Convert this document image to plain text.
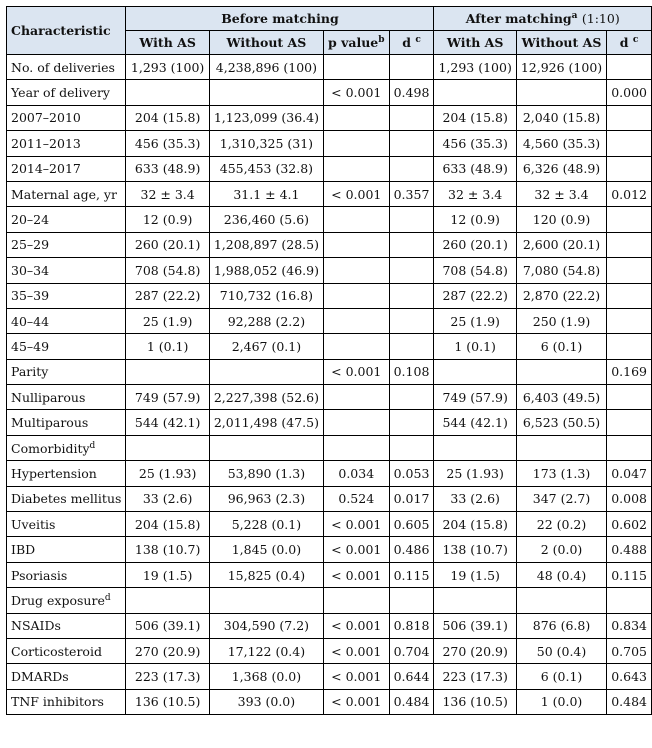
Characteristic	Before matching				After matching$^a$ (1:10)		
	With AS	Without AS	p value$^b$	d $^c$	With AS	Without AS	d $^c$
No. of deliveries	1,293 (100)	4,238,896 (100)			1,293 (100)	12,926 (100)	
Year of delivery			< 0.001	0.498			0.000
2007–2010	204 (15.8)	1,123,099 (36.4)			204 (15.8)	2,040 (15.8)	
2011–2013	456 (35.3)	1,310,325 (31)			456 (35.3)	4,560 (35.3)	
2014–2017	633 (48.9)	455,453 (32.8)			633 (48.9)	6,326 (48.9)	
Maternal age, yr	32 ± 3.4	31.1 ± 4.1	< 0.001	0.357	32 ± 3.4	32 ± 3.4	0.012
20–24	12 (0.9)	236,460 (5.6)			12 (0.9)	120 (0.9)	
25–29	260 (20.1)	1,208,897 (28.5)			260 (20.1)	2,600 (20.1)	
30–34	708 (54.8)	1,988,052 (46.9)			708 (54.8)	7,080 (54.8)	
35–39	287 (22.2)	710,732 (16.8)			287 (22.2)	2,870 (22.2)	
40–44	25 (1.9)	92,288 (2.2)			25 (1.9)	250 (1.9)	
45–49	1 (0.1)	2,467 (0.1)			1 (0.1)	6 (0.1)	
Parity			< 0.001	0.108			0.169
Nulliparous	749 (57.9)	2,227,398 (52.6)			749 (57.9)	6,403 (49.5)	
Multiparous	544 (42.1)	2,011,498 (47.5)			544 (42.1)	6,523 (50.5)	
Comorbidity$^d$							
Hypertension	25 (1.93)	53,890 (1.3)	0.034	0.053	25 (1.93)	173 (1.3)	0.047
Diabetes mellitus	33 (2.6)	96,963 (2.3)	0.524	0.017	33 (2.6)	347 (2.7)	0.008
Uveitis	204 (15.8)	5,228 (0.1)	< 0.001	0.605	204 (15.8)	22 (0.2)	0.602
IBD	138 (10.7)	1,845 (0.0)	< 0.001	0.486	138 (10.7)	2 (0.0)	0.488
Psoriasis	19 (1.5)	15,825 (0.4)	< 0.001	0.115	19 (1.5)	48 (0.4)	0.115
Drug exposure$^d$							
NSAIDs	506 (39.1)	304,590 (7.2)	< 0.001	0.818	506 (39.1)	876 (6.8)	0.834
Corticosteroid	270 (20.9)	17,122 (0.4)	< 0.001	0.704	270 (20.9)	50 (0.4)	0.705
DMARDs	223 (17.3)	1,368 (0.0)	< 0.001	0.644	223 (17.3)	6 (0.1)	0.643
TNF inhibitors	136 (10.5)	393 (0.0)	< 0.001	0.484	136 (10.5)	1 (0.0)	0.484
